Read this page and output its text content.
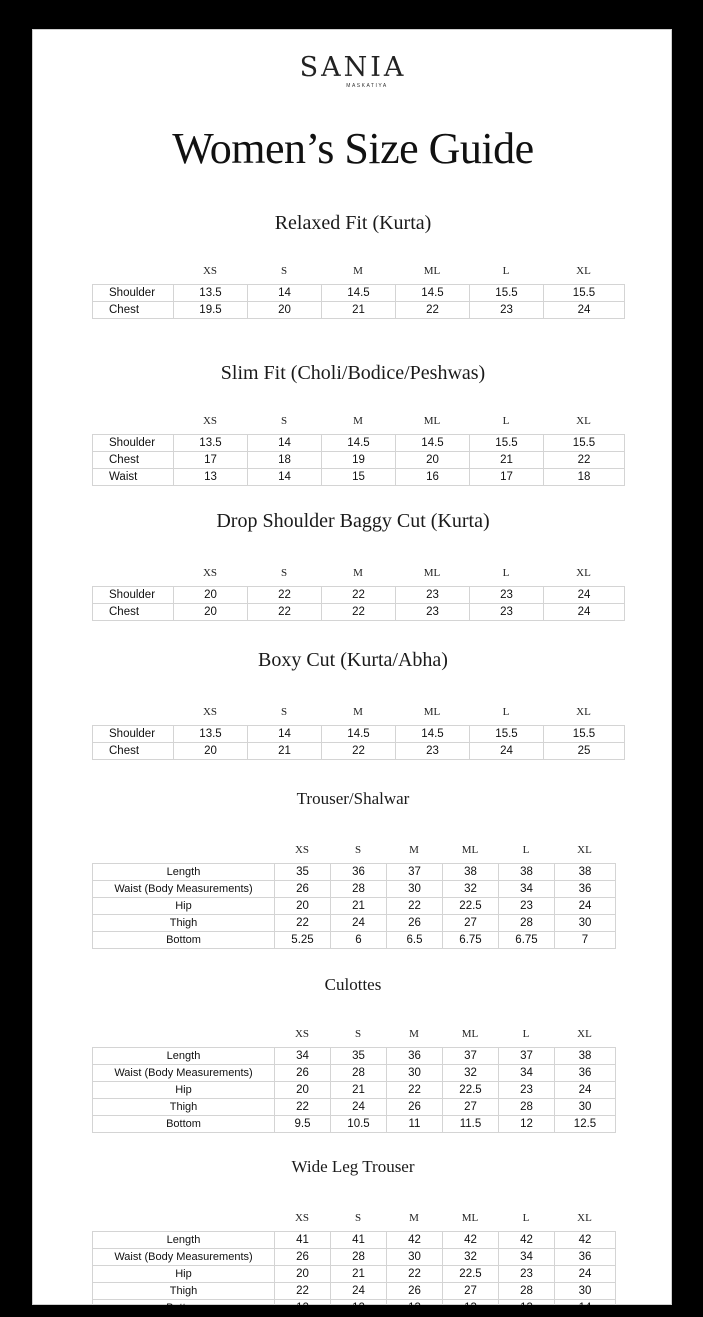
SANIA
MASKATIYA
Women’s Size Guide
Relaxed Fit (Kurta)
XS	S	M	ML	L	XL
Shoulder	13.5	14	14.5	14.5	15.5	15.5
Chest	19.5	20	21	22	23	24
Slim Fit (Choli/Bodice/Peshwas)
XS	S	M	ML	L	XL
Shoulder	13.5	14	14.5	14.5	15.5	15.5
Chest	17	18	19	20	21	22
Waist	13	14	15	16	17	18
Drop Shoulder Baggy Cut (Kurta)
XS	S	M	ML	L	XL
Shoulder	20	22	22	23	23	24
Chest	20	22	22	23	23	24
Boxy Cut (Kurta/Abha)
XS	S	M	ML	L	XL
Shoulder	13.5	14	14.5	14.5	15.5	15.5
Chest	20	21	22	23	24	25
Trouser/Shalwar
XS	S	M	ML	L	XL
Length	35	36	37	38	38	38
Waist (Body Measurements)	26	28	30	32	34	36
Hip	20	21	22	22.5	23	24
Thigh	22	24	26	27	28	30
Bottom	5.25	6	6.5	6.75	6.75	7
Culottes
XS	S	M	ML	L	XL
Length	34	35	36	37	37	38
Waist (Body Measurements)	26	28	30	32	34	36
Hip	20	21	22	22.5	23	24
Thigh	22	24	26	27	28	30
Bottom	9.5	10.5	11	11.5	12	12.5
Wide Leg Trouser
XS	S	M	ML	L	XL
Length	41	41	42	42	42	42
Waist (Body Measurements)	26	28	30	32	34	36
Hip	20	21	22	22.5	23	24
Thigh	22	24	26	27	28	30
